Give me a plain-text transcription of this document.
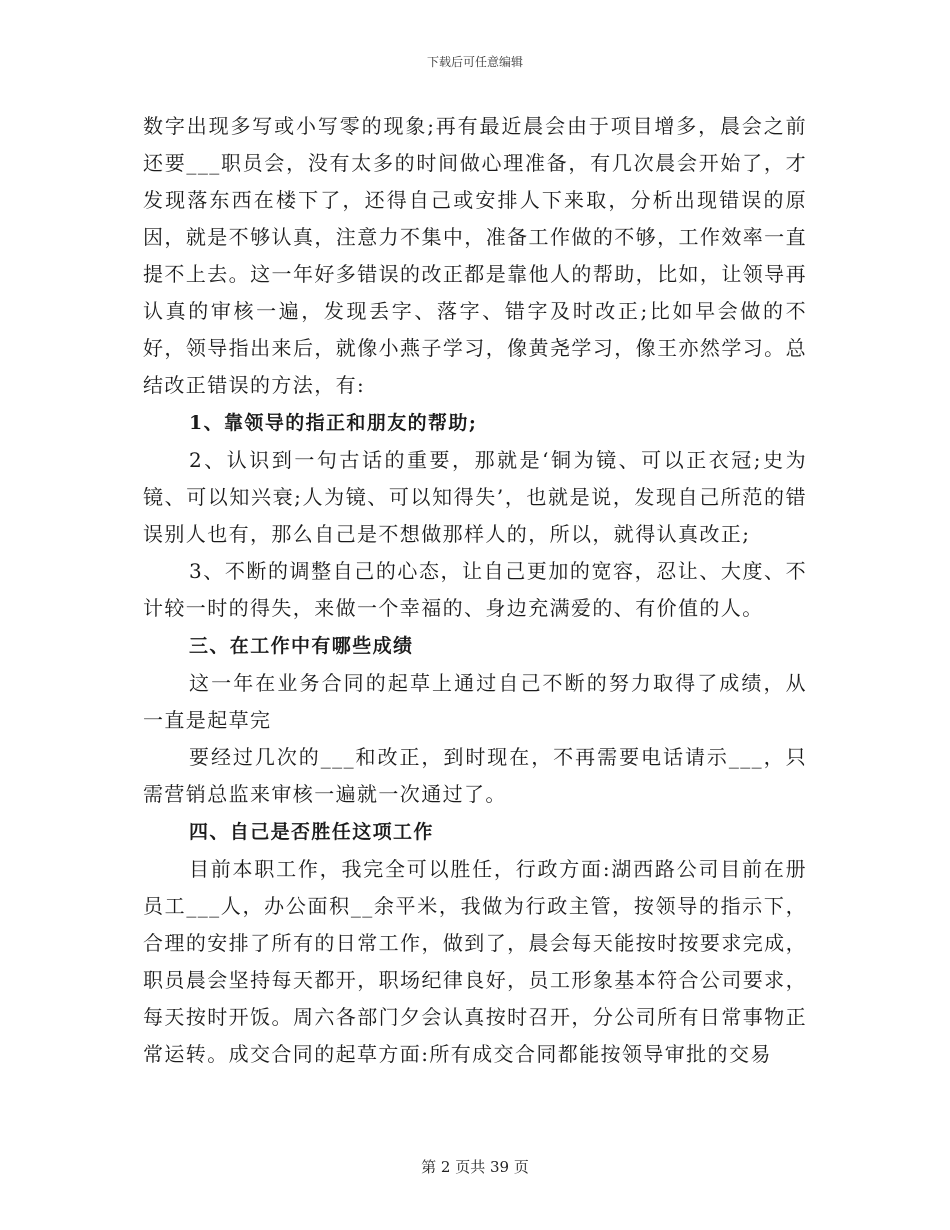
下载后可任意编辑

数字出现多写或小写零的现象;再有最近晨会由于项目增多，晨会之前还要___职员会，没有太多的时间做心理准备，有几次晨会开始了，才发现落东西在楼下了，还得自己或安排人下来取，分析出现错误的原因，就是不够认真，注意力不集中，准备工作做的不够，工作效率一直提不上去。这一年好多错误的改正都是靠他人的帮助，比如，让领导再认真的审核一遍，发现丢字、落字、错字及时改正;比如早会做的不好，领导指出来后，就像小燕子学习，像黄尧学习，像王亦然学习。总结改正错误的方法，有:

1、靠领导的指正和朋友的帮助;

2、认识到一句古话的重要，那就是‘铜为镜、可以正衣冠;史为镜、可以知兴衰;人为镜、可以知得失’，也就是说，发现自己所范的错误别人也有，那么自己是不想做那样人的，所以，就得认真改正;

3、不断的调整自己的心态，让自己更加的宽容，忍让、大度、不计较一时的得失，来做一个幸福的、身边充满爱的、有价值的人。

三、在工作中有哪些成绩

这一年在业务合同的起草上通过自己不断的努力取得了成绩，从一直是起草完

要经过几次的___和改正，到时现在，不再需要电话请示___，只需营销总监来审核一遍就一次通过了。

四、自己是否胜任这项工作

目前本职工作，我完全可以胜任，行政方面:湖西路公司目前在册员工___人，办公面积__余平米，我做为行政主管，按领导的指示下，合理的安排了所有的日常工作，做到了，晨会每天能按时按要求完成，职员晨会坚持每天都开，职场纪律良好，员工形象基本符合公司要求，每天按时开饭。周六各部门夕会认真按时召开，分公司所有日常事物正常运转。成交合同的起草方面:所有成交合同都能按领导审批的交易

第 2 页共 39 页
